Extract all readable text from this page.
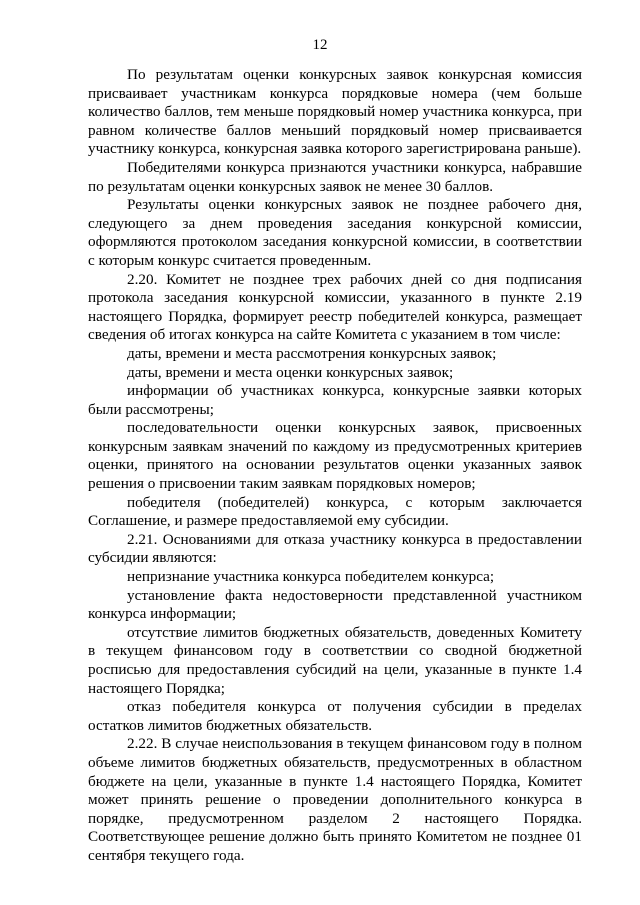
12

По результатам оценки конкурсных заявок конкурсная комиссия присваивает участникам конкурса порядковые номера (чем больше количество баллов, тем меньше порядковый номер участника конкурса, при равном количестве баллов меньший порядковый номер присваивается участнику конкурса, конкурсная заявка которого зарегистрирована раньше).

Победителями конкурса признаются участники конкурса, набравшие по результатам оценки конкурсных заявок не менее 30 баллов.

Результаты оценки конкурсных заявок не позднее рабочего дня, следующего за днем проведения заседания конкурсной комиссии, оформляются протоколом заседания конкурсной комиссии, в соответствии с которым конкурс считается проведенным.

2.20. Комитет не позднее трех рабочих дней со дня подписания протокола заседания конкурсной комиссии, указанного в пункте 2.19 настоящего Порядка, формирует реестр победителей конкурса, размещает сведения об итогах конкурса на сайте Комитета с указанием в том числе:

даты, времени и места рассмотрения конкурсных заявок;

даты, времени и места оценки конкурсных заявок;

информации об участниках конкурса, конкурсные заявки которых были рассмотрены;

последовательности оценки конкурсных заявок, присвоенных конкурсным заявкам значений по каждому из предусмотренных критериев оценки, принятого на основании результатов оценки указанных заявок решения о присвоении таким заявкам порядковых номеров;

победителя (победителей) конкурса, с которым заключается Соглашение, и размере предоставляемой ему субсидии.

2.21. Основаниями для отказа участнику конкурса в предоставлении субсидии являются:

непризнание участника конкурса победителем конкурса;

установление факта недостоверности представленной участником конкурса информации;

отсутствие лимитов бюджетных обязательств, доведенных Комитету в текущем финансовом году в соответствии со сводной бюджетной росписью для предоставления субсидий на цели, указанные в пункте 1.4 настоящего Порядка;

отказ победителя конкурса от получения субсидии в пределах остатков лимитов бюджетных обязательств.

2.22. В случае неиспользования в текущем финансовом году в полном объеме лимитов бюджетных обязательств, предусмотренных в областном бюджете на цели, указанные в пункте 1.4 настоящего Порядка, Комитет может принять решение о проведении дополнительного конкурса в порядке, предусмотренном разделом 2 настоящего Порядка. Соответствующее решение должно быть принято Комитетом не позднее 01 сентября текущего года.
